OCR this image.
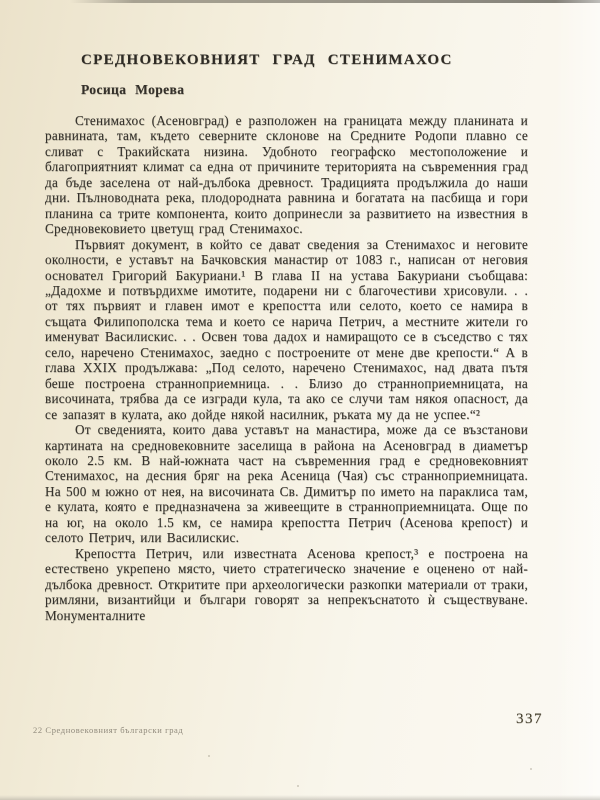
СРЕДНОВЕКОВНИЯТ ГРАД СТЕНИМАХОС
Росица Морева

Стенимахос (Асеновград) е разположен на границата между планината и равнината, там, където северните склонове на Средните Родопи плавно се сливат с Тракийската низина. Удобното географско местоположение и благоприятният климат са една от причините територията на съвременния град да бъде заселена от най-дълбока древност. Традицията продължила до наши дни. Пълноводната река, плодородната равнина и богатата на пасбища и гори планина са трите компонента, които допринесли за развитието на известния в Средновековието цветущ град Стенимахос.

Първият документ, в който се дават сведения за Стенимахос и неговите околности, е уставът на Бачковския манастир от 1083 г., написан от неговия основател Григорий Бакуриани.¹ В глава II на устава Бакуриани съобщава: „Дадохме и потвърдихме имотите, подарени ни с благочестиви хрисовули. . . от тях първият и главен имот е крепостта или селото, което се намира в същата Филипополска тема и което се нарича Петрич, а местните жители го именуват Василискис. . . Освен това дадох и намиращото се в съседство с тях село, наречено Стенимахос, заедно с построените от мене две крепости.“ А в глава XXIX продължава: „Под селото, наречено Стенимахос, над двата пътя беше построена странноприемница. . . Близо до странноприемницата, на височината, трябва да се изгради кула, та ако се случи там някоя опасност, да се запазят в кулата, ако дойде някой насилник, ръката му да не успее.“²

От сведенията, които дава уставът на манастира, може да се възстанови картината на средновековните заселища в района на Асеновград в диаметър около 2.5 км. В най-южната част на съвременния град е средновековният Стенимахос, на десния бряг на река Асеница (Чая) със странноприемницата. На 500 м южно от нея, на височината Св. Димитър по името на параклиса там, е кулата, която е предназначена за живеещите в странноприемницата. Още по на юг, на около 1.5 км, се намира крепостта Петрич (Асенова крепост) и селото Петрич, или Василискис.

Крепостта Петрич, или известната Асенова крепост,³ е построена на естествено укрепено място, чието стратегическо значение е оценено от най-дълбока древност. Откритите при археологически разкопки материали от траки, римляни, византийци и българи говорят за непрекъснатото ѝ съществуване. Монументалните

22 Средновековният български град
337
